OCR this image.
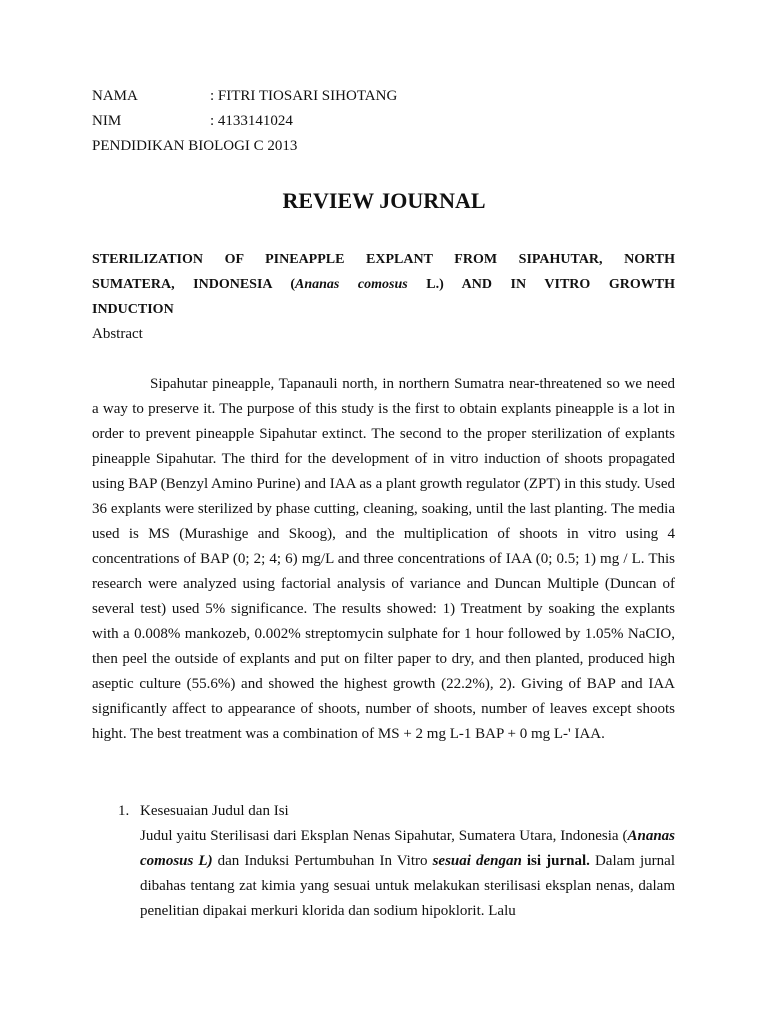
NAMA	: FITRI TIOSARI SIHOTANG
NIM	: 4133141024
PENDIDIKAN BIOLOGI C 2013
REVIEW JOURNAL
STERILIZATION OF PINEAPPLE EXPLANT FROM SIPAHUTAR, NORTH
SUMATERA, INDONESIA (Ananas comosus L.) AND IN VITRO GROWTH
INDUCTION
Abstract

Sipahutar pineapple, Tapanauli north, in northern Sumatra near-threatened so we need a way to preserve it. The purpose of this study is the first to obtain explants pineapple is a lot in order to prevent pineapple Sipahutar extinct. The second to the proper sterilization of explants pineapple Sipahutar. The third for the development of in vitro induction of shoots propagated using BAP (Benzyl Amino Purine) and IAA as a plant growth regulator (ZPT) in this study. Used 36 explants were sterilized by phase cutting, cleaning, soaking, until the last planting. The media used is MS (Murashige and Skoog), and the multiplication of shoots in vitro using 4 concentrations of BAP (0; 2; 4; 6) mg/L and three concentrations of IAA (0; 0.5; 1) mg / L. This research were analyzed using factorial analysis of variance and Duncan Multiple (Duncan of several test) used 5% significance. The results showed: 1) Treatment by soaking the explants with a 0.008% mankozeb, 0.002% streptomycin sulphate for 1 hour followed by 1.05% NaCIO, then peel the outside of explants and put on filter paper to dry, and then planted, produced high aseptic culture (55.6%) and showed the highest growth (22.2%), 2). Giving of BAP and IAA significantly affect to appearance of shoots, number of shoots, number of leaves except shoots hight. The best treatment was a combination of MS + 2 mg L-1 BAP + 0 mg L-' IAA.

1. Kesesuaian Judul dan Isi
Judul yaitu Sterilisasi dari Eksplan Nenas Sipahutar, Sumatera Utara, Indonesia (Ananas comosus L) dan Induksi Pertumbuhan In Vitro sesuai dengan isi jurnal. Dalam jurnal dibahas tentang zat kimia yang sesuai untuk melakukan sterilisasi eksplan nenas, dalam penelitian dipakai merkuri klorida dan sodium hipoklorit. Lalu
